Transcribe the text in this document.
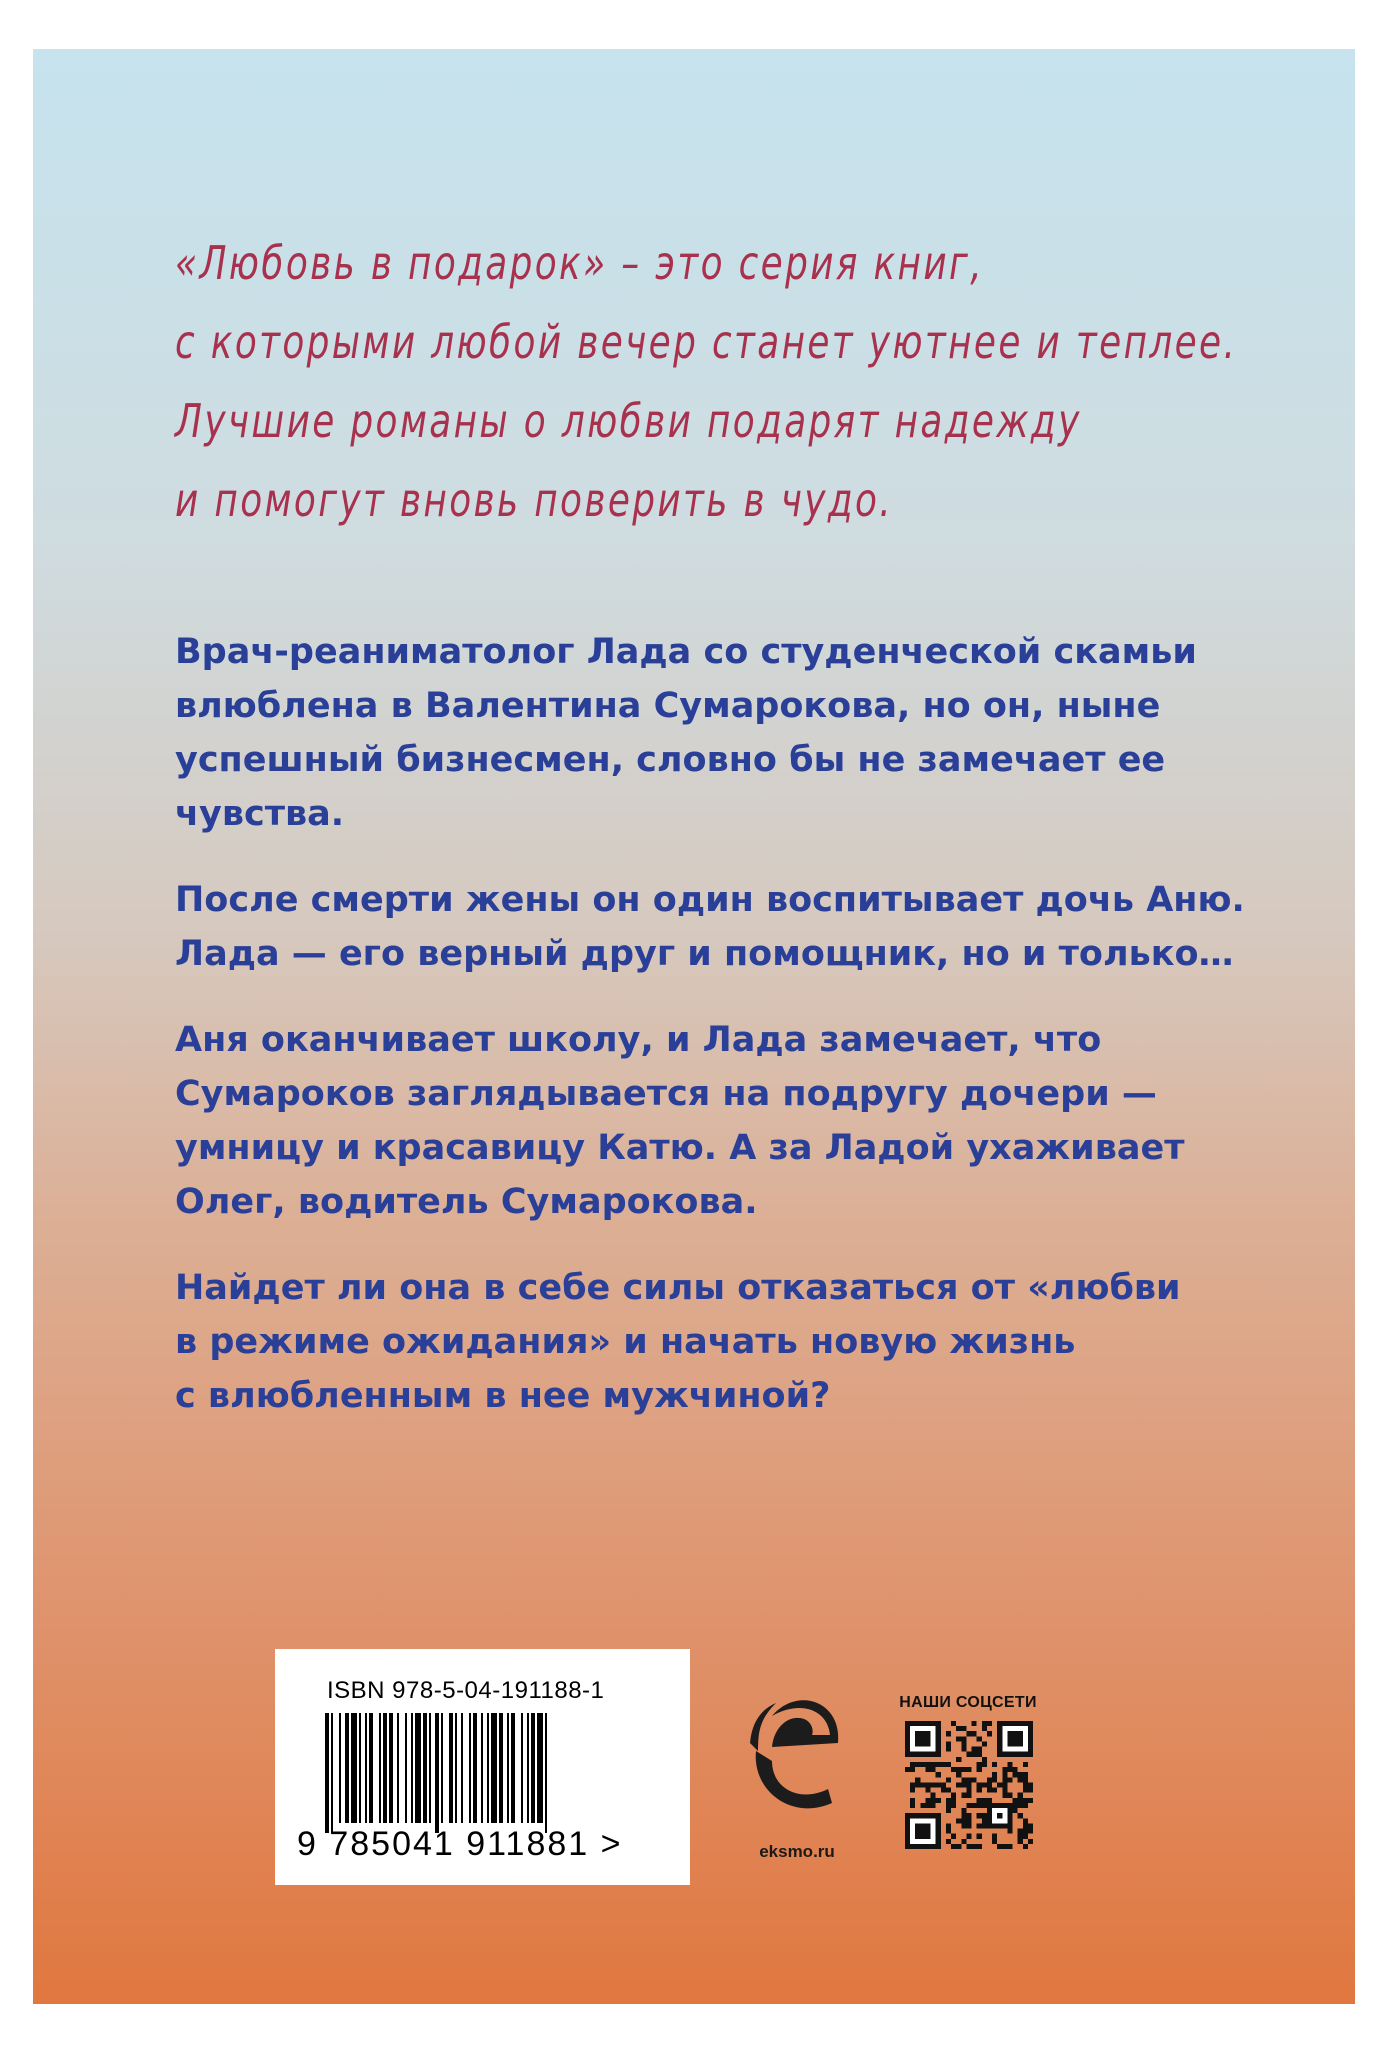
«Любовь в подарок» – это серия книг,
с которыми любой вечер станет уютнее и теплее.
Лучшие романы о любви подарят надежду
и помогут вновь поверить в чудо.

Врач-реаниматолог Лада со студенческой скамьи
влюблена в Валентина Сумарокова, но он, ныне
успешный бизнесмен, словно бы не замечает ее
чувства.

После смерти жены он один воспитывает дочь Аню.
Лада — его верный друг и помощник, но и только…

Аня оканчивает школу, и Лада замечает, что
Сумароков заглядывается на подругу дочери —
умницу и красавицу Катю. А за Ладой ухаживает
Олег, водитель Сумарокова.

Найдет ли она в себе силы отказаться от «любви
в режиме ожидания» и начать новую жизнь
с влюбленным в нее мужчиной?

ISBN 978-5-04-191188-1
9 785041 911881 >	eksmo.ru
НАШИ СОЦСЕТИ
